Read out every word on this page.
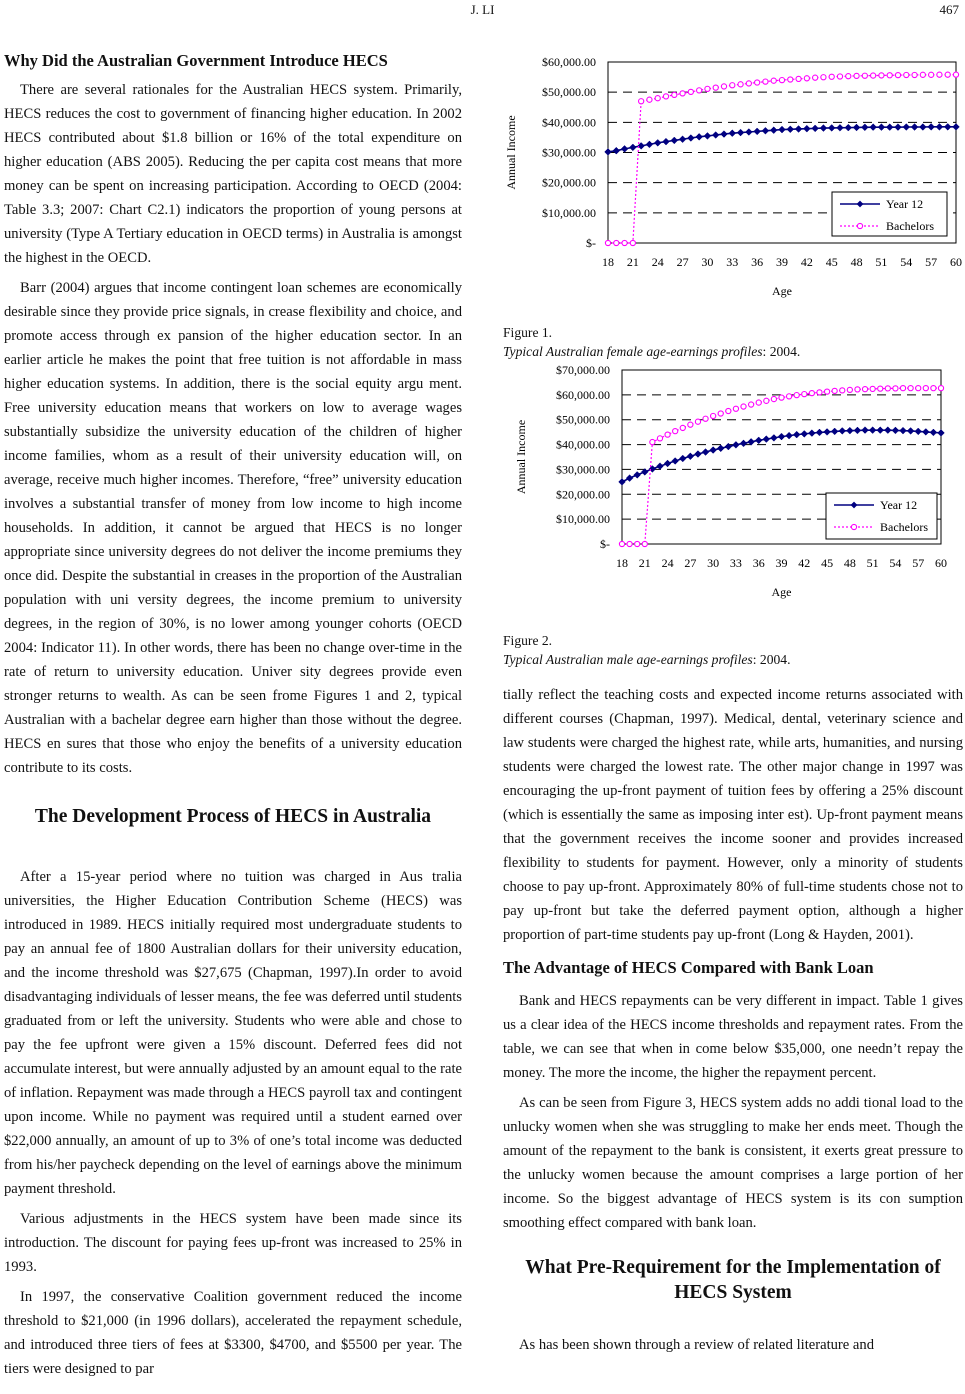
J. LI	467
Why Did the Australian Government Introduce HECS

There are several rationales for the Australian HECS system. Primarily, HECS reduces the cost to government of financing higher education. In 2002 HECS contributed about $1.8 billion or 16% of the total expenditure on higher education (ABS 2005). Reducing the per capita cost means that more money can be spent on increasing participation. According to OECD (2004: Table 3.3; 2007: Chart C2.1) indicators the proportion of young persons at university (Type A Tertiary education in OECD terms) in Australia is amongst the highest in the OECD.

Barr (2004) argues that income contingent loan schemes are economically desirable since they provide price signals, in crease flexibility and choice, and promote access through ex pansion of the higher education sector. In an earlier article he makes the point that free tuition is not affordable in mass higher education systems. In addition, there is the social equity argu ment. Free university education means that workers on low to average wages substantially subsidize the university education of the children of higher income families, whom as a result of their university education will, on average, receive much higher incomes. Therefore, “free” university education involves a substantial transfer of money from low income to high income households. In addition, it cannot be argued that HECS is no longer appropriate since university degrees do not deliver the income premiums they once did. Despite the substantial in creases in the proportion of the Australian population with uni versity degrees, the income premium to university degrees, in the region of 30%, is no lower among younger cohorts (OECD 2004: Indicator 11). In other words, there has been no change over-time in the rate of return to university education. Univer sity degrees provide even stronger returns to wealth. As can be seen frome Figures 1 and 2, typical Australian with a bachelar degree earn higher than those without the degree. HECS en sures that those who enjoy the benefits of a university education contribute to its costs.

The Development Process of HECS in Australia

After a 15-year period where no tuition was charged in Aus tralia universities, the Higher Education Contribution Scheme (HECS) was introduced in 1989. HECS initially required most undergraduate students to pay an annual fee of 1800 Australian dollars for their university education, and the income threshold was $27,675 (Chapman, 1997).In order to avoid disadvantaging individuals of lesser means, the fee was deferred until students graduated from or left the university. Students who were able and chose to pay the fee upfront were given a 15% discount. Deferred fees did not accumulate interest, but were annually adjusted by an amount equal to the rate of inflation. Repayment was made through a HECS payroll tax and contingent upon income. While no payment was required until a student earned over $22,000 annually, an amount of up to 3% of one’s total income was deducted from his/her paycheck depending on the level of earnings above the minimum payment threshold.

Various adjustments in the HECS system have been made since its introduction. The discount for paying fees up-front was increased to 25% in 1993.

In 1997, the conservative Coalition government reduced the income threshold to $21,000 (in 1996 dollars), accelerated the repayment schedule, and introduced three tiers of fees at $3300, $4700, and $5500 per year. The tiers were designed to par

$-
$10,000.00
$20,000.00
$30,000.00
$40,000.00
$50,000.00
$60,000.00
18 21 24 27 30 33 36 39 42 45 48 51 54 57 60
Age
Annual Income
Year 12
Bachelors

Figure 1.
Typical Australian female age-earnings profiles: 2004.

$-
$10,000.00
$20,000.00
$30,000.00
$40,000.00
$50,000.00
$60,000.00
$70,000.00
18 21 24 27 30 33 36 39 42 45 48 51 54 57 60
Age
Annual Income
Year 12
Bachelors

Figure 2.
Typical Australian male age-earnings profiles: 2004.

tially reflect the teaching costs and expected income returns associated with different courses (Chapman, 1997). Medical, dental, veterinary science and law students were charged the highest rate, while arts, humanities, and nursing students were charged the lowest rate. The other major change in 1997 was encouraging the up-front payment of tuition fees by offering a 25% discount (which is essentially the same as imposing inter est). Up-front payment means that the government receives the income sooner and provides increased flexibility to students for payment. However, only a minority of students choose to pay up-front. Approximately 80% of full-time students chose not to pay up-front but take the deferred payment option, although a higher proportion of part-time students pay up-front (Long & Hayden, 2001).

The Advantage of HECS Compared with Bank Loan

Bank and HECS repayments can be very different in impact. Table 1 gives us a clear idea of the HECS income thresholds and repayment rates. From the table, we can see that when in come below $35,000, one needn’t repay the money. The more the income, the higher the repayment percent.

As can be seen from Figure 3, HECS system adds no addi tional load to the unlucky women when she was struggling to make her ends meet. Though the amount of the repayment to the bank is consistent, it exerts great pressure to the unlucky women because the amount comprises a large portion of her income. So the biggest advantage of HECS system is its con sumption smoothing effect compared with bank loan.

What Pre-Requirement for the Implementation of HECS System

As has been shown through a review of related literature and
